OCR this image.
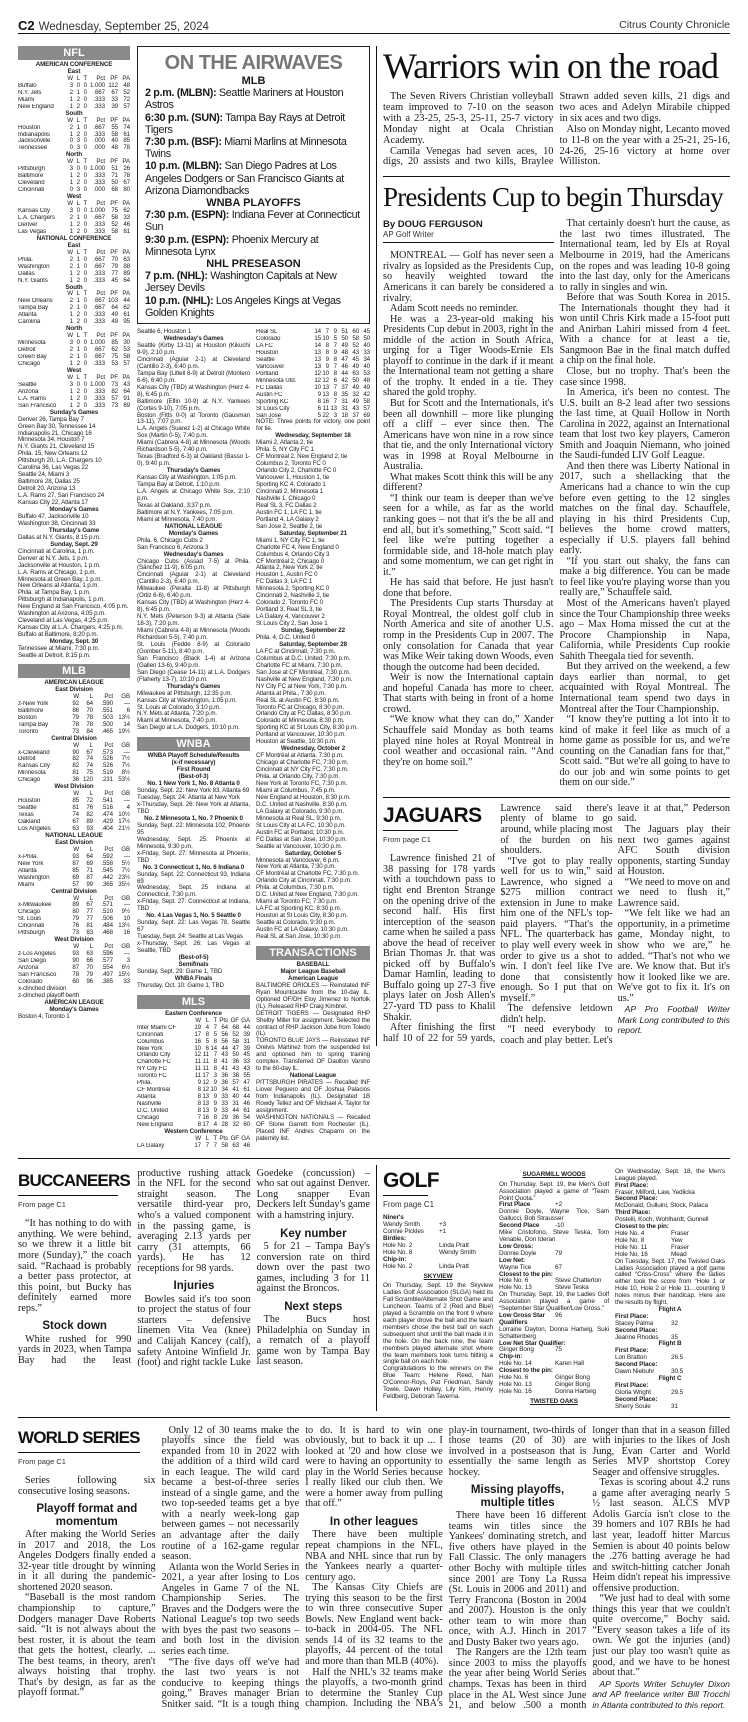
C2 Wednesday, September 25, 2024	Citrus County Chronicle
NFL
AMERICAN CONFERENCE
East
W L T	Pct PF PA
Buffalo	3 0 0 1.000 112 48
N.Y. Jets	2 1 0	.667	67 52
Miami	1 2 0	.333	33 72
New England	1 2 0	.333	39 57
South
W L T	Pct PF PA
Houston	2 1 0	.667	55 74
Indianapolis	1 2 0	.333	58 61
Jacksonville	0 3 0	.000	40 85
Tennessee	0 3 0	.000	48 78
North
W L T	Pct PF PA
Pittsburgh	3 0 0 1.000	51 26
Baltimore	1 2 0	.333	71 78
Cleveland	1 2 0	.333	50 67
Cincinnati	0 3 0	.000	68 80
West
W L T	Pct PF PA
Kansas City	3 0 0 1.000	75 62
L.A. Chargers	2 1 0	.667	58 33
Denver	1 2 0	.333	52 46
Las Vegas	1 2 0	.333	58 81
NATIONAL CONFERENCE
East
W L T	Pct PF PA
Phila.	2 1 0	.667	70 63
Washington	2 1 0	.667	79 88
Dallas	1 2 0	.333	77 89
N.Y. Giants	1 2 0	.333	45 64
South
W L T	Pct PF PA
New Orleans	2 1 0	.667 103 44
Tampa Bay	2 1 0	.667	64 62
Atlanta	1 2 0	.333	49 61
Carolina	1 2 0	.333	49 95
North
W L T	Pct PF PA
Minnesota	3 0 0 1.000	85 30
Detroit	2 1 0	.667	62 53
Green Bay	2 1 0	.667	75 58
Chicago	1 2 0	.333	53 57
West
W L T	Pct PF PA
Seattle	3 0 0 1.000	73 43
Arizona	1 2 0	.333	82 64
L.A. Rams	1 2 0	.333	57 91
San Francisco	1 2 0	.333	73 69
Sunday's Games
Denver 26, Tampa Bay 7
Green Bay 30, Tennessee 14
Indianapolis 21, Chicago 16
Minnesota 34, Houston 7
N.Y. Giants 21, Cleveland 15
Phila. 15, New Orleans 12
Pittsburgh 20, L.A. Chargers 10
Carolina 36, Las Vegas 22
Seattle 24, Miami 3
Baltimore 28, Dallas 25
Detroit 20, Arizona 13
L.A. Rams 27, San Francisco 24
Kansas City 22, Atlanta 17
Monday's Games
Buffalo 47, Jacksonville 10
Washington 38, Cincinnati 33
Thursday's Game
Dallas at N.Y. Giants, 8:15 p.m.
Sunday, Sept. 29
Cincinnati at Carolina, 1 p.m.
Denver at N.Y. Jets, 1 p.m.
Jacksonville at Houston, 1 p.m.
L.A. Rams at Chicago, 1 p.m.
Minnesota at Green Bay, 1 p.m.
New Orleans at Atlanta, 1 p.m.
Phila. at Tampa Bay, 1 p.m.
Pittsburgh at Indianapolis, 1 p.m.
New England at San Francisco, 4:05 p.m.
Washington at Arizona, 4:05 p.m.
Cleveland at Las Vegas, 4:25 p.m.
Kansas City at L.A. Chargers, 4:25 p.m.
Buffalo at Baltimore, 8:20 p.m.
Monday, Sept. 30
Tennessee at Miami, 7:30 p.m.
Seattle at Detroit, 8:15 p.m.
MLB
AMERICAN LEAGUE
East Division
W	L	Pct	GB
z-New York	92	64	.590	—
Baltimore	86	70	.551	6
Boston	79	78	.503 13½
Tampa Bay	78	78	.500	14
Toronto	73	84	.465 19½
Central Division
W	L	Pct	GB
x-Cleveland	90	67	.573	—
Detroit	82	74	.526	7½
Kansas City	82	74	.526	7½
Minnesota	81	75	.519	8½
Chicago	36 120	.231 53½
West Division
W	L	Pct	GB
Houston	85	72	.541	—
Seattle	81	76	.516	4
Texas	74	82	.474 10½
Oakland	67	89	.429 17½
Los Angeles	63	93	.404 21½
NATIONAL LEAGUE
East Division
W	L	Pct	GB
x-Phila.	93	64	.592	—
New York	87	69	.558	5½
Atlanta	85	71	.545	7½
Washington	69	87	.442 23½
Miami	57	99	.365 35½
Central Division
W	L	Pct	GB
x-Milwaukee	89	67	.571	—
Chicago	80	77	.510	9½
St. Louis	79	77	.506	10
Cincinnati	76	81	.484 13½
Pittsburgh	73	83	.468	16
West Division
W	L	Pct	GB
z-Los Angeles	93	63	.596	—
San Diego	90	66	.577	3
Arizona	87	70	.554	6½
San Francisco	78	79	.497 15½
Colorado	60	96	.385	33
x-clinched division
z-clinched playoff berth
AMERICAN LEAGUE
Monday's Games
Boston 4, Toronto 1
ON THE AIRWAVES
MLB
2 p.m. (MLBN): Seattle Mariners at Houston Astros
6:30 p.m. (SUN): Tampa Bay Rays at Detroit Tigers
7:30 p.m. (BSF): Miami Marlins at Minnesota Twins
10 p.m. (MLBN): San Diego Padres at Los Angeles Dodgers or San Francisco Giants at Arizona Diamondbacks
WNBA PLAYOFFS
7:30 p.m. (ESPN): Indiana Fever at Connecticut Sun
9:30 p.m. (ESPN): Phoenix Mercury at Minnesota Lynx
NHL PRESEASON
7 p.m. (NHL): Washington Capitals at New Jersey Devils
10 p.m. (NHL): Los Angeles Kings at Vegas Golden Knights
Seattle 6, Houston 1
Wednesday's Games
Seattle (Kirby 13-11) at Houston (Kikuchi 9-9), 2:10 p.m.
Cincinnati (Aguiar 2-1) at Cleveland (Cantillo 2-3), 6:40 p.m.
Tampa Bay (Littell 8-9) at Detroit (Montero 6-6), 6:40 p.m.
Kansas City (TBD) at Washington (Herz 4-8), 6:45 p.m.
Baltimore (Eflin 10-9) at N.Y. Yankees (Cortes 9-10), 7:05 p.m.
Boston (Fitts 0-0) at Toronto (Gausman 13-11), 7:07 p.m.
L.A. Angels (Suarez 1-2) at Chicago White Sox (Martin 0-5), 7:40 p.m.
Miami (Cabrera 4-8) at Minnesota (Woods Richardson 5-5), 7:40 p.m.
Texas (Bradford 6-3) at Oakland (Basso 1-0), 9:40 p.m.
Thursday's Games
Kansas City at Washington, 1:05 p.m.
Tampa Bay at Detroit, 1:10 p.m.
L.A. Angels at Chicago White Sox, 2:10 p.m.
Texas at Oakland, 3:37 p.m.
Baltimore at N.Y. Yankees, 7:05 p.m.
Miami at Minnesota, 7:40 p.m.
NATIONAL LEAGUE
Monday's Games
Phila. 6, Chicago Cubs 2
San Francisco 6, Arizona 3
Wednesday's Games
Chicago Cubs (Assad 7-5) at Phila. (Sánchez 11-9), 6:05 p.m.
Cincinnati (Aguiar 2-1) at Cleveland (Cantillo 2-3), 6:40 p.m.
Milwaukee (Peralta 11-8) at Pittsburgh (Ortiz 6-6), 6:40 p.m.
Kansas City (TBD) at Washington (Herz 4-8), 6:45 p.m.
N.Y. Mets (Peterson 9-3) at Atlanta (Sale 18-3), 7:20 p.m.
Miami (Cabrera 4-8) at Minnesota (Woods Richardson 5-5), 7:40 p.m.
St. Louis (Fedde 8-9) at Colorado (Gomber 5-11), 8:40 p.m.
San Francisco (Black 1-4) at Arizona (Gallen 13-6), 9:40 p.m.
San Diego (Cease 14-11) at L.A. Dodgers (Flaherty 13-7), 10:10 p.m.
Thursday's Games
Milwaukee at Pittsburgh, 12:35 p.m.
Kansas City at Washington, 1:05 p.m.
St. Louis at Colorado, 3:10 p.m.
N.Y. Mets at Atlanta, 7:20 p.m.
Miami at Minnesota, 7:40 p.m.
San Diego at L.A. Dodgers, 10:10 p.m.
WNBA
WNBA Playoff Schedule/Results
(x-if necessary)
First Round
(Best-of-3)
No. 1 New York 1, No. 8 Atlanta 0
Sunday, Sept. 22: New York 83, Atlanta 69
Tuesday, Sept. 24: Atlanta at New York
x-Thursday, Sept. 26: New York at Atlanta, TBD
No. 2 Minnesota 1, No. 7 Phoenix 0
Sunday, Sept. 22: Minnesota 102, Phoenix 95
Wednesday, Sept. 25: Phoenix at Minnesota, 9:30 p.m.
x-Friday, Sept. 27: Minnesota at Phoenix, TBD
No. 3 Connecticut 1, No. 6 Indiana 0
Sunday, Sept. 22: Connecticut 93, Indiana 69
Wednesday, Sept. 25 Indiana at Connecticut, 7:30 p.m.
x-Friday, Sept. 27: Connecticut at Indiana, TBD
No. 4 Las Vegas 1, No. 5 Seattle 0
Sunday, Sept. 22: Las Vegas 78, Seattle 67
Tuesday, Sept. 24: Seattle at Las Vegas
x-Thursday, Sept. 26: Las Vegas at Seattle, TBD
(Best-of-5)
Semifinals
Sunday, Sept. 29: Game 1, TBD
WNBA Finals
Thursday, Oct. 10: Game 1, TBD
MLS
Eastern Conference
W L T Pts GF GA
Inter Miami CF	19 4 7 64 68 44
Cincinnati	17 8 5 56 52 39
Columbus	16 5 8 56 58 31
New York	10 6 14 44 47 39
Orlando City	12 11 7 43 50 45
Charlotte FC	11 11 8 41 36 33
NY City FC	11 11 8 41 43 43
Toronto FC	11 17 3 36 38 55
Phila.	9 12 9 36 57 47
CF Montréal	8 12 10 34 41 61
Atlanta	8 13 9 33 40 44
Nashville	8 13 9 33 31 46
D.C. United	8 13 9 33 44 61
Chicago	7 16 8 29 36 54
New England	8 17 4 28 32 60
Western Conference
W L T Pts GF GA
LA Galaxy	17 7 7 58 63 46
Real SL	14 7 9 51 60 45
Colorado	15 10 5 50 58 50
LA FC	14 8 7 49 52 40
Houston	13 8 9 48 43 33
Seattle	13 9 8 47 45 34
Vancouver	13 9 7 46 49 40
Portland	12 10 8 44 63 53
Minnesota Utd.	12 12 6 42 50 48
FC Dallas	10 13 7 37 49 49
Austin FC	9 13 8 35 32 42
Sporting KC	8 16 7 31 49 58
St Louis City	6 11 13 31 43 57
San Jose	5 22 3 18 37 69
NOTE: Three points for victory, one point for tie.
Wednesday, September 18
Miami 2, Atlanta 2, tie
Phila. 5, NY City FC 1
CF Montréal 2, New England 2, tie
Columbus 2, Toronto FC 0
Orlando City 2, Charlotte FC 0
Vancouver 1, Houston 1, tie
Sporting KC 4, Colorado 1
Cincinnati 2, Minnesota 1
Nashville 1, Chicago 0
Real SL 3, FC Dallas 2
Austin FC 1, LA FC 1, tie
Portland 4, LA Galaxy 2
San Jose 2, Seattle 2, tie
Saturday, September 21
Miami 1, NY City FC 1, tie
Charlotte FC 4, New England 0
Columbus 4, Orlando City 3
CF Montréal 2, Chicago 0
Atlanta 2, New York 2, tie
Houston 1, Austin FC 0
FC Dallas 3, LA FC 1
Minnesota 2, Sporting KC 0
Cincinnati 2, Nashville 2, tie
Colorado 2, Toronto FC 0
Portland 3, Real SL 3, tie
LA Galaxy 4, Vancouver 2
St Louis City 2, San Jose 1
Sunday, September 22
Phila. 4, D.C. United 0
Saturday, September 28
LA FC at Cincinnati, 7:30 p.m.
Columbus at D.C. United, 7:30 p.m.
Charlotte FC at Miami, 7:30 p.m.
San Jose at CF Montréal, 7:30 p.m.
Nashville at New England, 7:30 p.m.
NY City FC at New York, 7:30 p.m.
Atlanta at Phila., 7:30 p.m.
Real SL at Austin FC, 8:30 p.m.
Toronto FC at Chicago, 8:30 p.m.
Orlando City at FC Dallas, 8:30 p.m.
Colorado at Minnesota, 8:30 p.m.
Sporting KC at St Louis City, 8:30 p.m.
Portland at Vancouver, 10:30 p.m.
Houston at Seattle, 10:30 p.m.
Wednesday, October 2
CF Montréal at Atlanta, 7:30 p.m.
Chicago at Charlotte FC, 7:30 p.m.
Cincinnati at NY City FC, 7:30 p.m.
Phila. at Orlando City, 7:30 p.m.
New York at Toronto FC, 7:30 p.m.
Miami at Columbus, 7:45 p.m.
New England at Houston, 8:30 p.m.
D.C. United at Nashville, 8:30 p.m.
LA Galaxy at Colorado, 9:30 p.m.
Minnesota at Real SL, 9:30 p.m.
St Louis City at LA FC, 10:30 p.m.
Austin FC at Portland, 10:30 p.m.
FC Dallas at San Jose, 10:30 p.m.
Seattle at Vancouver, 10:30 p.m.
Saturday, October 5
Minnesota at Vancouver, 6 p.m.
New York at Atlanta, 7:30 p.m.
CF Montréal at Charlotte FC, 7:30 p.m.
Orlando City at Cincinnati, 7:30 p.m.
Phila. at Columbus, 7:30 p.m.
D.C. United at New England, 7:30 p.m.
Miami at Toronto FC, 7:30 p.m.
LA FC at Sporting KC, 8:30 p.m.
Houston at St Louis City, 8:30 p.m.
Seattle at Colorado, 9:30 p.m.
Austin FC at LA Galaxy, 10:30 p.m.
Real SL at San Jose, 10:30 p.m.
TRANSACTIONS
BASEBALL
Major League Baseball
American League
BALTIMORE ORIOLES — Reinstated INF Ryan Mountcastle from the 10-day IL. Optioned OF/DH Eloy Jimenez to Norfolk (IL). Released RHP Craig Kimbrel.
DETROIT TIGERS — Designated RHP Shelby Miller for assignment. Selected the contract of RHP Jackson Jobe from Toledo (IL).
TORONTO BLUE JAYS — Reinstated INF Orelvis Martinez from the suspended list and optioned him to spring training complex. Transferred OF Daulton Varsho to the 60-day IL.
National League
PITTSBURGH PIRATES — Recalled INF Liover Peguero and OF Joshua Palacios from Indianapolis (IL). Designated 1B Rowdy Tellez and OF Michael A. Taylor for assignment.
WASHINGTON NATIONALS — Recalled OF Stone Garrett from Rochester (IL). Placed INF Andres Chaparro on the paternity list.
Warriors win on the road

The Seven Rivers Christian volleyball team improved to 7-10 on the season with a 23-25, 25-3, 25-11, 25-7 victory Monday night at Ocala Christian Academy.

Camila Venegas had seven aces, 10 digs, 20 assists and two kills, Braylee Strawn added seven kills, 21 digs and two aces and Adelyn Mirabile chipped in six aces and two digs.

Also on Monday night, Lecanto moved to 11-8 on the year with a 25-21, 25-16, 24-26, 25-16 victory at home over Williston.

Presidents Cup to begin Thursday
By DOUG FERGUSON
AP Golf Writer

MONTREAL — Golf has never seen a rivalry as lopsided as the Presidents Cup, so heavily weighted toward the Americans it can barely be considered a rivalry.

Adam Scott needs no reminder.

He was a 23-year-old making his Presidents Cup debut in 2003, right in the middle of the action in South Africa, urging for a Tiger Woods-Ernie Els playoff to continue in the dark if it meant the International team not getting a share of the trophy. It ended in a tie. They shared the gold trophy.

But for Scott and the Internationals, it's been all downhill – more like plunging off a cliff – ever since then. The Americans have won nine in a row since that tie, and the only International victory was in 1998 at Royal Melbourne in Australia.

What makes Scott think this will be any different?

“I think our team is deeper than we've seen for a while, as far as the world ranking goes – not that it's the be all and end all, but it's something,” Scott said. “I feel like we're putting together a formidable side, and 18-hole match play and some momentum, we can get right in it.”

He has said that before. He just hasn't done that before.

The Presidents Cup starts Thursday at Royal Montreal, the oldest golf club in North America and site of another U.S. romp in the Presidents Cup in 2007. The only consolation for Canada that year was Mike Weir taking down Woods, even though the outcome had been decided.

Weir is now the International captain and hopeful Canada has more to cheer. That starts with being in front of a home crowd.

“We know what they can do,” Xander Schauffele said Monday as both teams played nine holes at Royal Montreal in cool weather and occasional rain. “And they're on home soil.”

That certainly doesn't hurt the cause, as the last two times illustrated. The International team, led by Els at Royal Melbourne in 2019, had the Americans on the ropes and was leading 10-8 going into the last day, only for the Americans to rally in singles and win.

Before that was South Korea in 2015. The Internationals thought they had it won until Chris Kirk made a 15-foot putt and Anirban Lahiri missed from 4 feet. With a chance for at least a tie, Sangmoon Bae in the final match duffed a chip on the final hole.

Close, but no trophy. That's been the case since 1998.

In America, it's been no contest. The U.S. built an 8-2 lead after two sessions the last time, at Quail Hollow in North Carolina in 2022, against an International team that lost two key players, Cameron Smith and Joaquin Niemann, who joined the Saudi-funded LIV Golf League.

And then there was Liberty National in 2017, such a shellacking that the Americans had a chance to win the cup before even getting to the 12 singles matches on the final day. Schauffele, playing in his third Presidents Cup, believes the home crowd matters, especially if U.S. players fall behind early.

“If you start out shaky, the fans can make a big difference. You can be made to feel like you're playing worse than you really are,” Schauffele said.

Most of the Americans haven't played since the Tour Championship three weeks ago – Max Homa missed the cut at the Procore Championship in Napa, California, while Presidents Cup rookie Sahith Theegala tied for seventh.

But they arrived on the weekend, a few days earlier than normal, to get acquainted with Royal Montreal. The International team spend two days in Montreal after the Tour Championship.

“I know they're putting a lot into it to kind of make it feel like as much of a home game as possible for us, and we're counting on the Canadian fans for that,” Scott said. “But we're all going to have to do our job and win some points to get them on our side.”

JAGUARS
From page C1

Lawrence finished 21 of 38 passing for 178 yards with a touchdown pass to tight end Brenton Strange on the opening drive of the second half. His first interception of the season came when he sailed a pass above the head of receiver Brian Thomas Jr. that was picked off by Buffalo's Damar Hamlin, leading to Buffalo going up 27-3 five plays later on Josh Allen's 27-yard TD pass to Khalil Shakir.

After finishing the first half 10 of 22 for 59 yards, Lawrence said there's plenty of blame to go around, while placing most of the burden on his shoulders.

“I've got to play really well for us to win,” said Lawrence, who signed a $275 million contract extension in June to make him one of the NFL's top-paid players. “That's the NFL. The quarterback has to play well every week in order to give us a shot to win. I don't feel like I've done that consistently enough. So I put that on myself.”

The defensive letdown didn't help.

“I need everybody to coach and play better. Let's leave it at that,” Pederson said.

The Jaguars play their next two games against AFC South division opponents, starting Sunday at Houston.

“We need to move on and we need to flush it,” Lawrence said.

“We felt like we had an opportunity, in a primetime game, Monday night, to show who we are,” he added. “That's not who we are. We know that. But it's how it looked like we are. We've got to fix it. It's on us.”

AP Pro Football Writer Mark Long contributed to this report.

BUCCANEERS
From page C1

“It has nothing to do with anything. We were behind, so we threw it a little bit more (Sunday),” the coach said. “Rachaad is probably a better pass protector, at this point, but Bucky has definitely earned more reps.”

Stock down

White rushed for 990 yards in 2023, when Tampa Bay had the least productive rushing attack in the NFL for the second straight season. The versatile third-year pro, who's a valued component in the passing game, is averaging 2.13 yards per carry (31 attempts, 66 yards). He has 12 receptions for 98 yards.

Injuries

Bowles said it's too soon to project the status of four starters – defensive linemen Vita Vea (knee) and Calijah Kancey (calf), safety Antoine Winfield Jr. (foot) and right tackle Luke Goedeke (concussion) – who sat out against Denver. Long snapper Evan Deckers left Sunday's game with a hamstring injury.

Key number

5 for 21 – Tampa Bay's conversion rate on third down over the past two games, including 3 for 11 against the Broncos.

Next steps

The Bucs host Philadelphia on Sunday in a rematch of a playoff game won by Tampa Bay last season.

GOLF
From page C1
Niner's
Wendy Smith	+3
Connie Pickles	+1
Birdies:
Hole No. 2	Linda Pratt
Hole No. 8	Wendy Smith
Chip-in:
Hole No. 2	Linda Pratt
SKYVIEW
On Thursday, Sept. 19 the Skyview Ladies Golf Association (SLGA) held its Fall Scramble/Alternate Shot Game and Luncheon. Teams of 2 (Red and Blue) played a Scramble on the front 9 where each player drove the ball and the team members chose the best ball on each subsequent shot until the ball made it in the hole. On the back nine, the team members played alternate shot where the team members took turns hitting a single ball on each hole.
Congratulations to the winners on the Blue Team: Helene Reed, Nan O'Connor-Roys, Pat Friedman, Sandy Towle, Dawn Holley, Lily Kim, Henny Feldberg, Deborah Taverna.
SUGARMILL WOODS
On Thursday, Sept. 19, the Men's Golf Association played a game of “Team Point Quota.”
First Place	+2
Donnie Doyle, Wayne Tice, Sam Gallucci, Bob Strausser
Second Place	-10
Mike Cristofono, Steve Teska, Tom Venable, Don Ideran
Low Gross:
Donnie Doyle	79
Low Net:
Wayne Tice	67
Closest to the pin:
Hole No. 6	Steve Chatterton
Hole No. 13	Steve Teska
On Thursday, Sept. 19, the Ladies Golf Association played a game of “September Star Qualifier/Low Gross.”
Low Gross Star Qualifiers
96
Lorraine Dayton, Donna Hartwig, Suki Schattenberg
Low Net Star Qualifier:
Ginger Bong	75
Chip-in:
Hole No. 14	Karen Hall
Closest to the pin:
Hole No. 6	Ginger Bong
Hole No. 13	Ginger Bong
Hole No. 16	Donna Hartwig
TWISTED OAKS
On Wednesday, Sept. 18, the Men's League played.
First Place:
Fraser, Milford, Law, Yedlicka
Second Place:
McDonald, Gulluini, Stock, Palaca
Third Place:
Postelli, Koch, Wohlhardt, Gunnell
Closest to the pin:
Hole No. 4	Fraser
Hole No. 8	Yew
Hole No. 11	Fraser
Hole No. 16	Mead
On Tuesday, Sept. 17, the Twisted Oaks Ladies Association played a golf game called “Criss-Cross” where the ladies either took the score from “Hole 1 or Hole 10, Hole 2 or Hole 11…counting 9 holes minus their handicap. Here are the results by flight.
Flight A
First Place:
Stacey Palma	32
Second Place:
Jeanne Rhodes	35
Flight B
First Place:
Lori Bratton	26.5
Second Place:
Dawn Niebuhr	30.5
Flight C
First Place:
Gloria Wright	29.5
Second Place:
Sherry Soule	31
WORLD SERIES
From page C1

Series following six consecutive losing seasons.

Playoff format and momentum

After making the World Series in 2017 and 2018, the Los Angeles Dodgers finally ended a 32-year title drought by winning in it all during the pandemic-shortened 2020 season.

“Baseball is the most random championship to capture,” Dodgers manager Dave Roberts said. “It is not always about the best roster, it is about the team that gets the hottest, clearly. ... The best teams, in theory, aren't always hoisting that trophy. That's by design, as far as the playoff format.”

Only 12 of 30 teams make the playoffs since the field was expanded from 10 in 2022 with the addition of a third wild card in each league. The wild card became a best-of-three series instead of a single game, and the two top-seeded teams get a bye with a nearly week-long gap between games – not necessarily an advantage after the daily routine of a 162-game regular season.

Atlanta won the World Series in 2021, a year after losing to Los Angeles in Game 7 of the NL Championship Series. The Braves and the Dodgers were the National League's top two seeds with byes the past two seasons – and both lost in the division series each time.

“The five days off we've had the last two years is not conducive to keeping things going,” Braves manager Brian Snitker said. “It is a tough thing to do. It is hard to win one obviously, but to back it up ... I looked at '20 and how close we were to having an opportunity to play in the World Series because I really liked our club then. We were a homer away from pulling that off.”

In other leagues

There have been multiple repeat champions in the NFL, NBA and NHL since that run by the Yankees nearly a quarter-century ago.

The Kansas City Chiefs are trying this season to be the first to win three consecutive Super Bowls. New England went back-to-back in 2004-05. The NFL sends 14 of its 32 teams to the playoffs, 44 percent of the total and more than than MLB (40%).

Half the NHL's 32 teams make the playoffs, a two-month grind to determine the Stanley Cup champion. Including the NBA's play-in tournament, two-thirds of those teams (20 of 30) are involved in a postseason that is essentially the same length as hockey.

Missing playoffs, multiple titles

There have been 16 different teams win titles since the Yankees' dominating stretch, and five others have played in the Fall Classic. The only managers other Bochy with multiple titles since 2001 are Tony La Russa (St. Louis in 2006 and 2011) and Terry Francona (Boston in 2004 and 2007). Houston is the only other team to win more than once, with A.J. Hinch in 2017 and Dusty Baker two years ago.

The Rangers are the 12th team since 2003 to miss the playoffs the year after being World Series champs. Texas has been in third place in the AL West since June 21, and below .500 a month longer than that in a season filled with injuries to the likes of Josh Jung, Evan Carter and World Series MVP shortstop Corey Seager and offensive struggles.

Texas is scoring about 4.2 runs a game after averaging nearly 5 ½ last season. ALCS MVP Adolis García isn't close to the 39 homers and 107 RBIs he had last year, leadoff hitter Marcus Semien is about 40 points below the .276 batting average he had and switch-hitting catcher Jonah Heim didn't repeat his impressive offensive production.

“We just had to deal with some things this year that we couldn't quite overcome,” Bochy said. “Every season takes a life of its own. We got the injuries (and) just our play too wasn't quite as good, and we have to be honest about that.”

AP Sports Writer Schuyler Dixon and AP freelance writer Bill Trocchi in Atlanta contributed to this report.
